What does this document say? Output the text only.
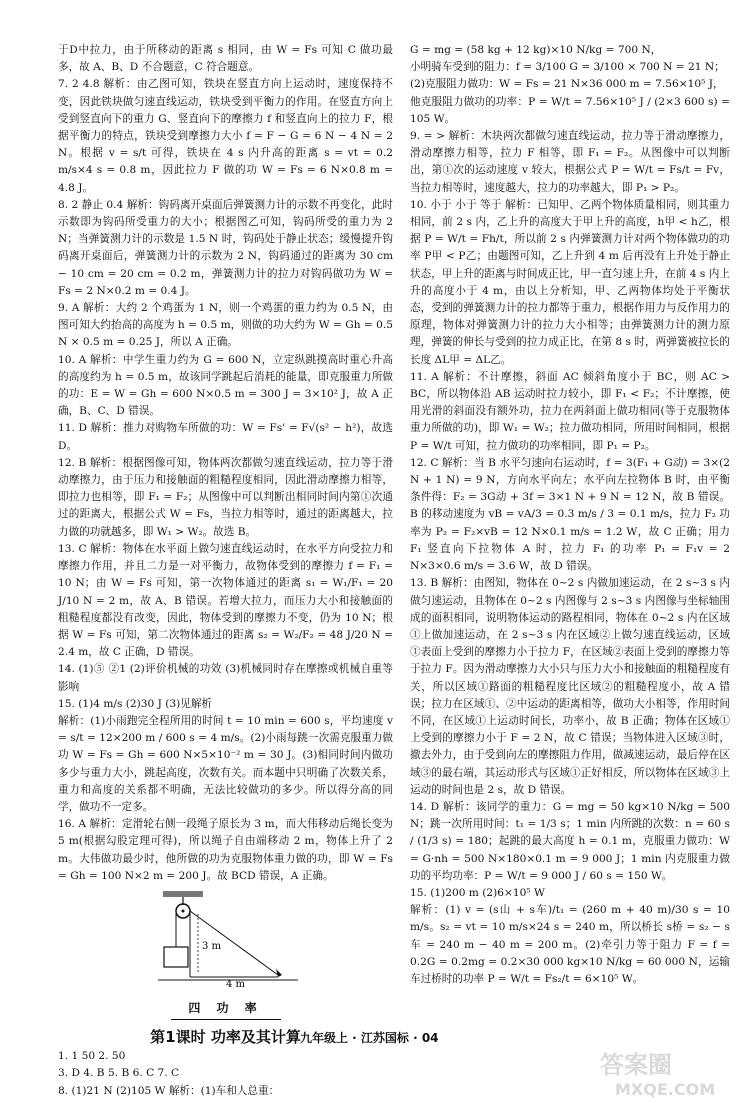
于D中拉力，由于所移动的距离 s 相同，由 W = Fs 可知 C 做功最多，故 A、B、D 不合题意，C 符合题意。

7. 2 4.8 解析：由乙图可知，铁块在竖直方向上运动时，速度保持不变，因此铁块做匀速直线运动，铁块受到平衡力的作用。在竖直方向上受到竖直向下的重力 G、竖直向下的摩擦力 f 和竖直向上的拉力 F，根据平衡力的特点，铁块受到摩擦力大小 f = F − G = 6 N − 4 N = 2 N。根据 v = s/t 可得，铁块在 4 s 内升高的距离 s = vt = 0.2 m/s×4 s = 0.8 m，因此拉力 F 做的功 W = Fs = 6 N×0.8 m = 4.8 J。

8. 2 静止 0.4 解析：钩码离开桌面后弹簧测力计的示数不再变化，此时示数即为钩码所受重力的大小；根据图乙可知，钩码所受的重力为 2 N；当弹簧测力计的示数是 1.5 N 时，钩码处于静止状态；缓慢提升钩码离开桌面后，弹簧测力计的示数为 2 N，钩码通过的距离为 30 cm − 10 cm = 20 cm = 0.2 m，弹簧测力计的拉力对钩码做功为 W = Fs = 2 N×0.2 m = 0.4 J。

9. A 解析：大约 2 个鸡蛋为 1 N，则一个鸡蛋的重力约为 0.5 N，由图可知大约抬高的高度为 h = 0.5 m，则做的功大约为 W = Gh = 0.5 N × 0.5 m = 0.25 J，所以 A 正确。

10. A 解析：中学生重力约为 G = 600 N，立定纵跳摸高时重心升高的高度约为 h = 0.5 m，故该同学跳起后消耗的能量，即克服重力所做的功：E = W = Gh = 600 N×0.5 m = 300 J = 3×10² J，故 A 正确，B、C、D 错误。

11. D 解析：推力对购物车所做的功：W = Fs' = F√(s² − h²)，故选 D。

12. B 解析：根据图像可知，物体两次都做匀速直线运动，拉力等于滑动摩擦力，由于压力和接触面的粗糙程度相同，因此滑动摩擦力相等，即拉力也相等，即 F₁ = F₂；从图像中可以判断出相同时间内第①次通过的距离大，根据公式 W = Fs，当拉力相等时，通过的距离越大，拉力做的功就越多，即 W₁ > W₂。故选 B。

13. C 解析：物体在水平面上做匀速直线运动时，在水平方向受拉力和摩擦力作用，并且二力是一对平衡力，故物体受到的摩擦力 f = F₁ = 10 N；由 W = Fs 可知，第一次物体通过的距离 s₁ = W₁/F₁ = 20 J/10 N = 2 m，故 A、B 错误。若增大拉力，而压力大小和接触面的粗糙程度都没有改变，因此，物体受到的摩擦力不变，仍为 10 N；根据 W = Fs 可知，第二次物体通过的距离 s₂ = W₂/F₂ = 48 J/20 N = 2.4 m，故 C 正确，D 错误。

14. (1)⑤ ②1 (2)评价机械的功效 (3)机械同时存在摩擦或机械自重等影响

15. (1)4 m/s (2)30 J (3)见解析

解析：(1)小雨跑完全程所用的时间 t = 10 min = 600 s，平均速度 v = s/t = 12×200 m / 600 s = 4 m/s。(2)小雨每跳一次需克服重力做功 W = Fs = Gh = 600 N×5×10⁻² m = 30 J。(3)相同时间内做功多少与重力大小，跳起高度，次数有关。而本题中只明确了次数关系，重力和高度的关系都不明确，无法比较做功的多少。所以得分高的同学，做功不一定多。

16. A 解析：定滑轮右侧一段绳子原长为 3 m，而大伟移动后绳长变为 5 m(根据勾股定理可得)，所以绳子自由端移动 2 m，物体上升了 2 m。大伟做功最少时，他所做的功为克服物体重力做的功，即 W = Fs = Gh = 100 N×2 m = 200 J。故 BCD 错误，A 正确。

3 m
4 m
四 功 率
第1课时 功率及其计算

1. 1 50 2. 50

3. D 4. B 5. B 6. C 7. C

8. (1)21 N (2)105 W 解析：(1)车和人总重：

G = mg = (58 kg + 12 kg)×10 N/kg = 700 N，

小明骑车受到的阻力：f = 3/100 G = 3/100 × 700 N = 21 N；

(2)克服阻力做功：W = Fs = 21 N×36 000 m = 7.56×10⁵ J，

他克服阻力做功的功率：P = W/t = 7.56×10⁵ J / (2×3 600 s) = 105 W。

9. = > 解析：木块两次都做匀速直线运动，拉力等于滑动摩擦力，滑动摩擦力相等，拉力 F 相等，即 F₁ = F₂。从图像中可以判断出，第①次的运动速度 v 较大，根据公式 P = W/t = Fs/t = Fv，当拉力相等时，速度越大，拉力的功率越大，即 P₁ > P₂。

10. 小于 小于 等于 解析：已知甲、乙两个物体质量相同，则其重力相同，前 2 s 内，乙上升的高度大于甲上升的高度，h甲 < h乙，根据 P = W/t = Fh/t，所以前 2 s 内弹簧测力计对两个物体做功的功率 P甲 < P乙；由题图可知，乙上升到 4 m 后再没有上升处于静止状态，甲上升的距离与时间成正比，甲一直匀速上升，在前 4 s 内上升的高度小于 4 m，由以上分析知，甲、乙两物体均处于平衡状态，受到的弹簧测力计的拉力都等于重力，根据作用力与反作用力的原理，物体对弹簧测力计的拉力大小相等；由弹簧测力计的测力原理，弹簧的伸长与受到的拉力成正比，在第 8 s 时，两弹簧被拉长的长度 ΔL甲 = ΔL乙。

11. A 解析：不计摩擦，斜面 AC 倾斜角度小于 BC，则 AC > BC，所以物体沿 AB 运动时拉力较小，即 F₁ < F₂；不计摩擦，使用光滑的斜面没有额外功，拉力在两斜面上做功相同(等于克服物体重力所做的功)，即 W₁ = W₂；拉力做功相同，所用时间相同，根据 P = W/t 可知，拉力做功的功率相同，即 P₁ = P₂。

12. C 解析：当 B 水平匀速向右运动时，f = 3(F₁ + G动) = 3×(2 N + 1 N) = 9 N，方向水平向左；水平向左拉物体 B 时，由平衡条件得：F₂ = 3G动 + 3f = 3×1 N + 9 N = 12 N，故 B 错误。B 的移动速度为 vB = vA/3 = 0.3 m/s / 3 = 0.1 m/s，拉力 F₂ 功率为 P₂ = F₂×vB = 12 N×0.1 m/s = 1.2 W，故 C 正确；用力 F₁ 竖直向下拉物体 A 时，拉力 F₁ 的功率 P₁ = F₁v = 2 N×3×0.6 m/s = 3.6 W，故 D 错误。

13. B 解析：由图知，物体在 0~2 s 内做加速运动，在 2 s~3 s 内做匀速运动，且物体在 0~2 s 内图像与 2 s~3 s 内图像与坐标轴围成的面积相同，说明物体运动的路程相同，物体在 0~2 s 内在区域①上做加速运动，在 2 s~3 s 内在区域②上做匀速直线运动，区域①表面上受到的摩擦力小于拉力 F，在区域②表面上受到的摩擦力等于拉力 F。因为滑动摩擦力大小只与压力大小和接触面的粗糙程度有关，所以区域①路面的粗糙程度比区域②的粗糙程度小，故 A 错误；拉力在区域①、②中运动的距离相等，做功大小相等，作用时间不同，在区域①上运动时间长，功率小，故 B 正确；物体在区域①上受到的摩擦力小于 F = 2 N，故 C 错误；当物体进入区域③时，撤去外力，由于受到向左的摩擦阻力作用，做减速运动，最后停在区域③的最右端，其运动形式与区域①正好相反，所以物体在区域③上运动的时间也是 2 s，故 D 错误。

14. D 解析：该同学的重力：G = mg = 50 kg×10 N/kg = 500 N；跳一次所用时间：t₁ = 1/3 s；1 min 内所跳的次数：n = 60 s / (1/3 s) = 180；起跳的最大高度 h = 0.1 m，克服重力做功：W = G·nh = 500 N×180×0.1 m = 9 000 J；1 min 内克服重力做功的平均功率：P = W/t = 9 000 J / 60 s = 150 W。

15. (1)200 m (2)6×10⁵ W

解析：(1) v = (s山 + s车)/t₁ = (260 m + 40 m)/30 s = 10 m/s。s₂ = vt = 10 m/s×24 s = 240 m，所以桥长 s桥 = s₂ − s车 = 240 m − 40 m = 200 m。(2)牵引力等于阻力 F = f = 0.2G = 0.2mg = 0.2×30 000 kg×10 N/kg = 60 000 N，运输车过桥时的功率 P = W/t = Fs₂/t = 6×10⁵ W。

九年级上 · 江苏国标 · 04
答案圈
MXQE.COM
